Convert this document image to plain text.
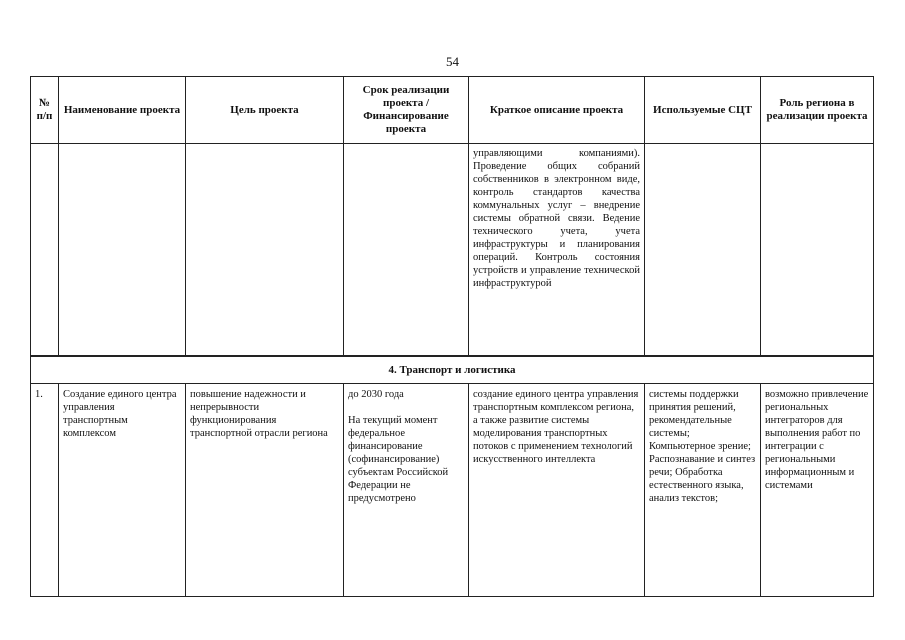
54
№ п/п	Наименование проекта	Цель проекта	Срок реализации проекта / Финансирование проекта	Краткое описание проекта	Используемые СЦТ	Роль региона в реализации проекта
				управляющими компаниями). Проведение общих собраний собственников в электронном виде, контроль стандартов качества коммунальных услуг – внедрение системы обратной связи. Ведение технического учета, учета инфраструктуры и планирования операций. Контроль состояния устройств и управление технической инфраструктурой		
4. Транспорт и логистика						
1.	Создание единого центра управления транспортным комплексом	повышение надежности и непрерывности функционирования транспортной отрасли региона	до 2030 года
На текущий момент федеральное финансирование (софинансирование) субъектам Российской Федерации не предусмотрено	создание единого центра управления транспортным комплексом региона, а также развитие системы моделирования транспортных потоков с применением технологий искусственного интеллекта	системы поддержки принятия решений, рекомендательные системы; Компьютерное зрение; Распознавание и синтез речи; Обработка естественного языка, анализ текстов;	возможно привлечение региональных интеграторов для выполнения работ по интеграции с региональными информационным и системами
